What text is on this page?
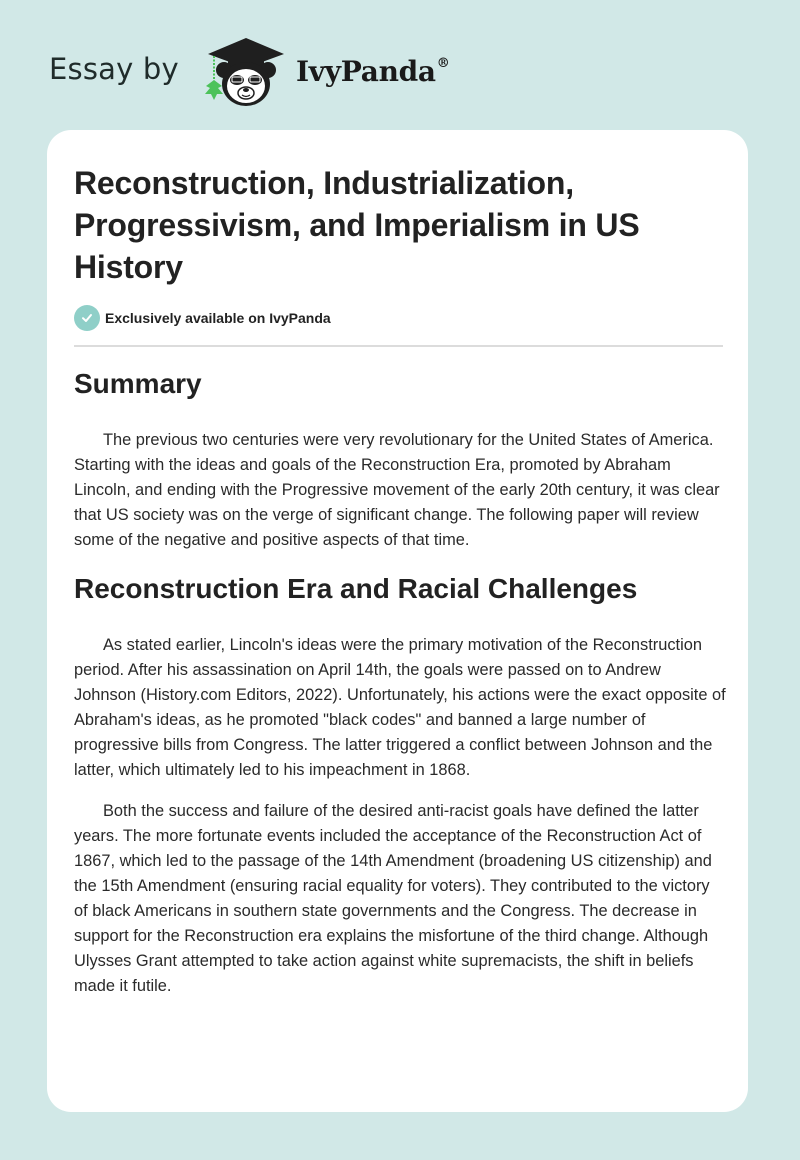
Essay by	IvyPanda®
Reconstruction, Industrialization, Progressivism, and Imperialism in US History
Exclusively available on IvyPanda
Summary

The previous two centuries were very revolutionary for the United States of America. Starting with the ideas and goals of the Reconstruction Era, promoted by Abraham Lincoln, and ending with the Progressive movement of the early 20th century, it was clear that US society was on the verge of significant change. The following paper will review some of the negative and positive aspects of that time.

Reconstruction Era and Racial Challenges

As stated earlier, Lincoln's ideas were the primary motivation of the Reconstruction period. After his assassination on April 14th, the goals were passed on to Andrew Johnson (History.com Editors, 2022). Unfortunately, his actions were the exact opposite of Abraham's ideas, as he promoted "black codes" and banned a large number of progressive bills from Congress. The latter triggered a conflict between Johnson and the latter, which ultimately led to his impeachment in 1868.

Both the success and failure of the desired anti-racist goals have defined the latter years. The more fortunate events included the acceptance of the Reconstruction Act of 1867, which led to the passage of the 14th Amendment (broadening US citizenship) and the 15th Amendment (ensuring racial equality for voters). They contributed to the victory of black Americans in southern state governments and the Congress. The decrease in support for the Reconstruction era explains the misfortune of the third change. Although Ulysses Grant attempted to take action against white supremacists, the shift in beliefs made it futile.
